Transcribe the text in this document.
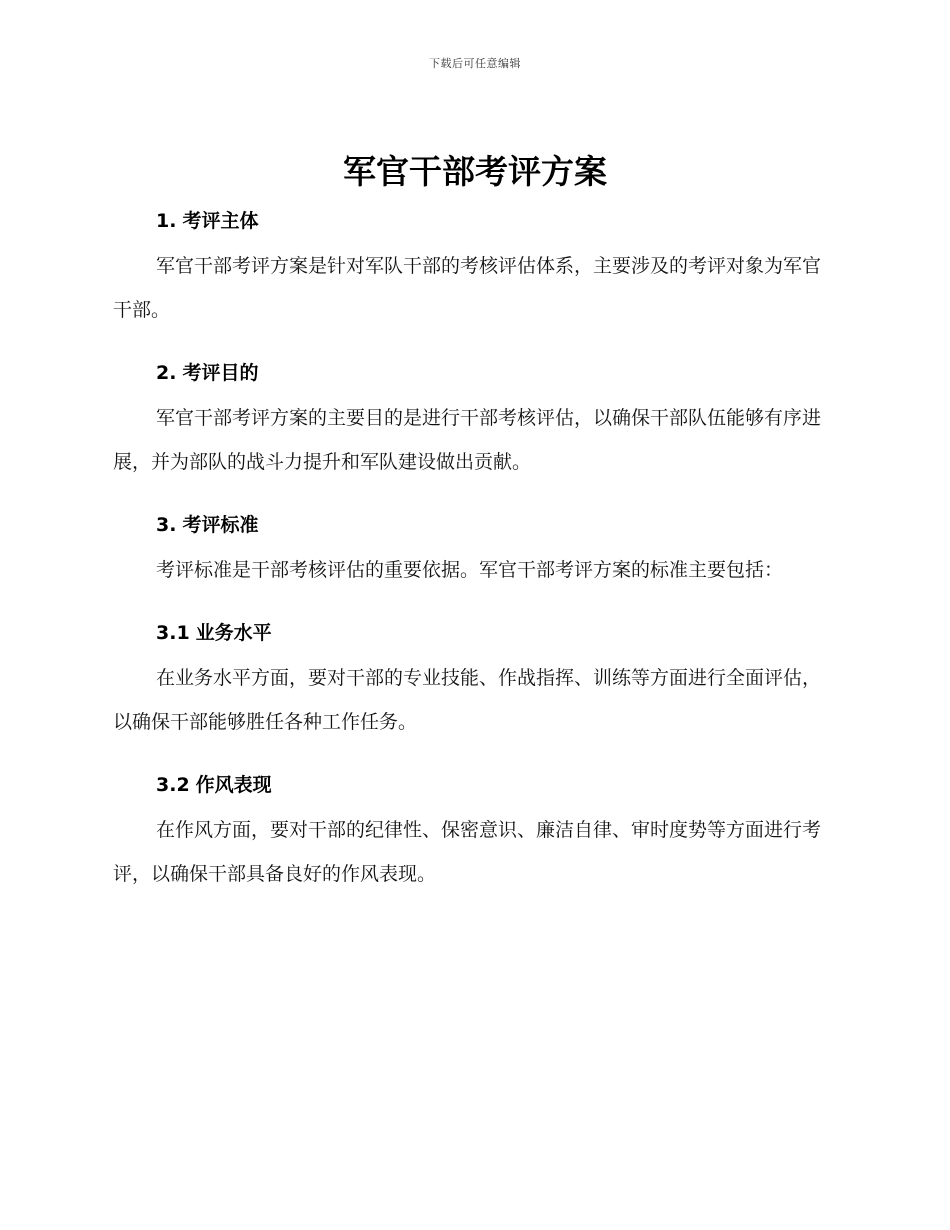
下载后可任意编辑
军官干部考评方案
1. 考评主体

军官干部考评方案是针对军队干部的考核评估体系，主要涉及的考评对象为军官干部。

2. 考评目的

军官干部考评方案的主要目的是进行干部考核评估，以确保干部队伍能够有序进展，并为部队的战斗力提升和军队建设做出贡献。

3. 考评标准

考评标准是干部考核评估的重要依据。军官干部考评方案的标准主要包括：

3.1 业务水平

在业务水平方面，要对干部的专业技能、作战指挥、训练等方面进行全面评估，以确保干部能够胜任各种工作任务。

3.2 作风表现

在作风方面，要对干部的纪律性、保密意识、廉洁自律、审时度势等方面进行考评，以确保干部具备良好的作风表现。
